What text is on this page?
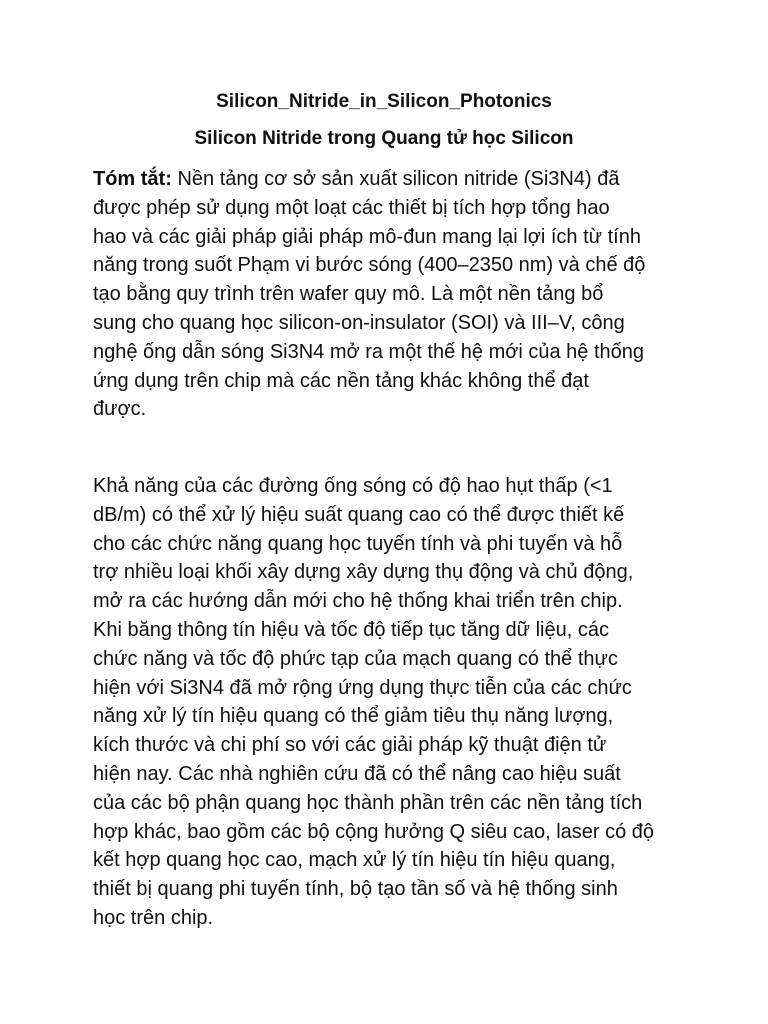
Silicon_Nitride_in_Silicon_Photonics
Silicon Nitride trong Quang tử học Silicon

Tóm tắt: Nền tảng cơ sở sản xuất silicon nitride (Si3N4) đã
được phép sử dụng một loạt các thiết bị tích hợp tổng hao
hao và các giải pháp giải pháp mô-đun mang lại lợi ích từ tính
năng trong suốt Phạm vi bước sóng (400–2350 nm) và chế độ
tạo bằng quy trình trên wafer quy mô. Là một nền tảng bổ
sung cho quang học silicon-on-insulator (SOI) và III–V, công
nghệ ống dẫn sóng Si3N4 mở ra một thế hệ mới của hệ thống
ứng dụng trên chip mà các nền tảng khác không thể đạt
được.

Khả năng của các đường ống sóng có độ hao hụt thấp (<1
dB/m) có thể xử lý hiệu suất quang cao có thể được thiết kế
cho các chức năng quang học tuyến tính và phi tuyến và hỗ
trợ nhiều loại khối xây dựng xây dựng thụ động và chủ động,
mở ra các hướng dẫn mới cho hệ thống khai triển trên chip.
Khi băng thông tín hiệu và tốc độ tiếp tục tăng dữ liệu, các
chức năng và tốc độ phức tạp của mạch quang có thể thực
hiện với Si3N4 đã mở rộng ứng dụng thực tiễn của các chức
năng xử lý tín hiệu quang có thể giảm tiêu thụ năng lượng,
kích thước và chi phí so với các giải pháp kỹ thuật điện tử
hiện nay. Các nhà nghiên cứu đã có thể nâng cao hiệu suất
của các bộ phận quang học thành phần trên các nền tảng tích
hợp khác, bao gồm các bộ cộng hưởng Q siêu cao, laser có độ
kết hợp quang học cao, mạch xử lý tín hiệu tín hiệu quang,
thiết bị quang phi tuyến tính, bộ tạo tần số và hệ thống sinh
học trên chip.
